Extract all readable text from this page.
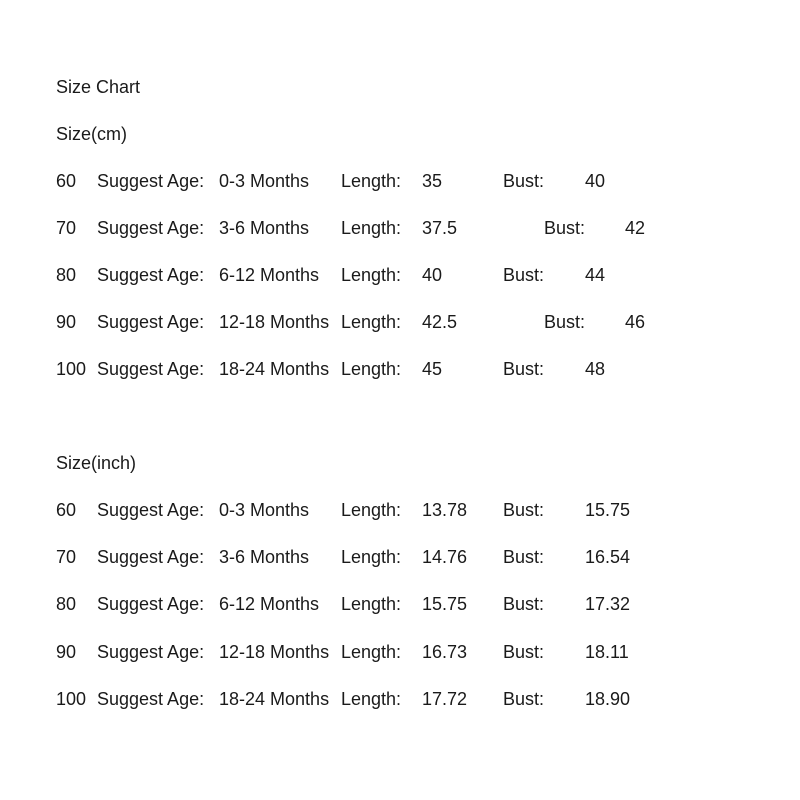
Size Chart
Size(cm)
60 Suggest Age: 0-3 Months Length: 35	Bust: 40
70 Suggest Age: 3-6 Months Length: 37.5	Bust: 42
80 Suggest Age: 6-12 Months Length: 40	Bust: 44
90 Suggest Age: 12-18 Months Length: 42.5	Bust: 46
100 Suggest Age: 18-24 Months Length: 45	Bust: 48
Size(inch)
60 Suggest Age: 0-3 Months Length: 13.78 Bust: 15.75
70 Suggest Age: 3-6 Months Length: 14.76 Bust: 16.54
80 Suggest Age: 6-12 Months Length: 15.75 Bust: 17.32
90 Suggest Age: 12-18 Months Length: 16.73 Bust: 18.11
100 Suggest Age: 18-24 Months Length: 17.72 Bust: 18.90
